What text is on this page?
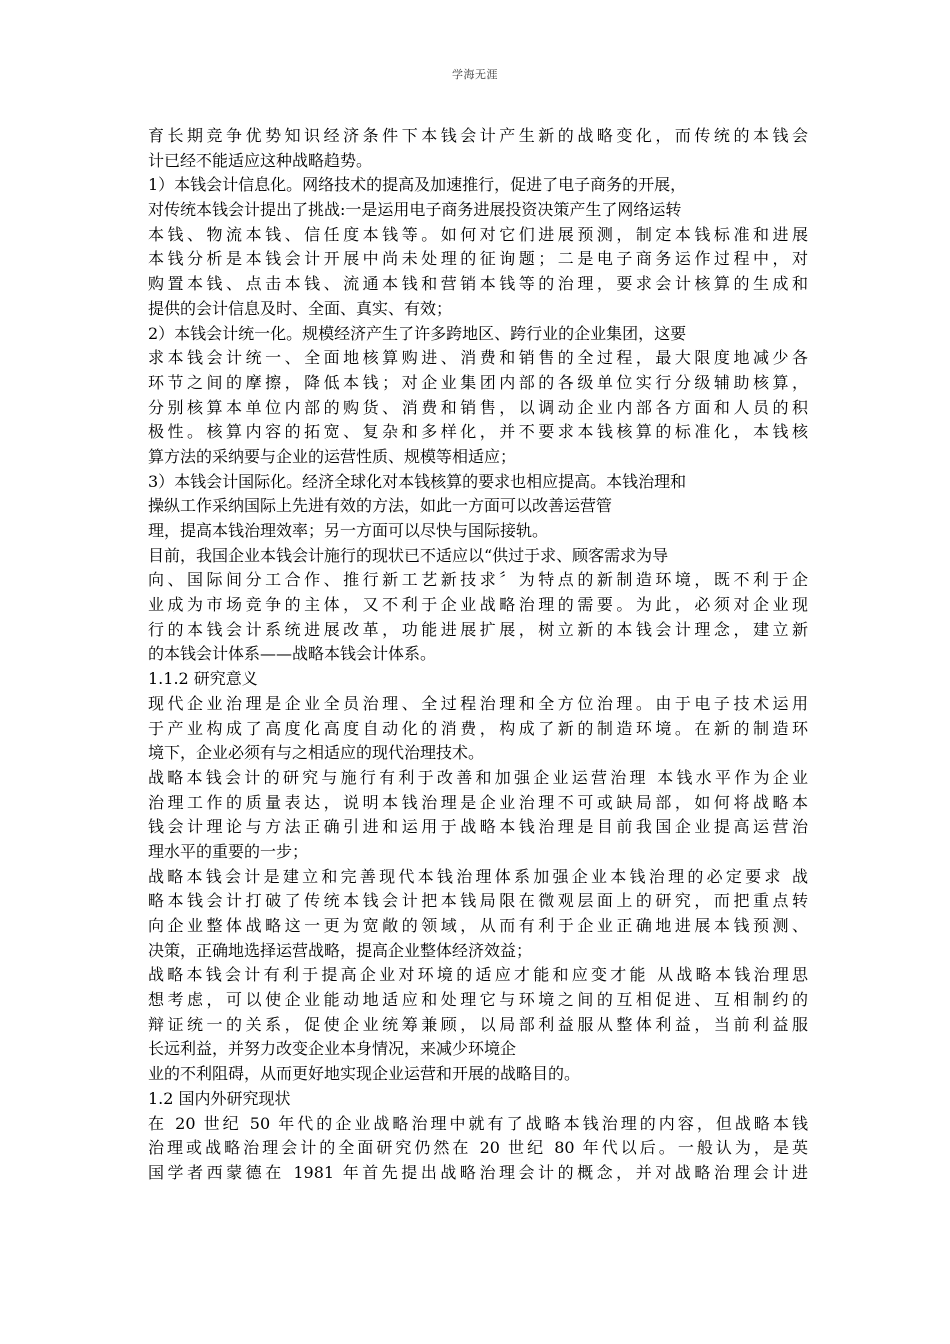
学海无涯
育长期竞争优势知识经济条件下本钱会计产生新的战略变化，而传统的本钱会
计已经不能适应这种战略趋势。
1）本钱会计信息化。网络技术的提高及加速推行，促进了电子商务的开展，
对传统本钱会计提出了挑战:一是运用电子商务进展投资决策产生了网络运转
本钱、物流本钱、信任度本钱等。如何对它们进展预测，制定本钱标准和进展
本钱分析是本钱会计开展中尚未处理的征询题；二是电子商务运作过程中，对
购置本钱、点击本钱、流通本钱和营销本钱等的治理，要求会计核算的生成和
提供的会计信息及时、全面、真实、有效；
2）本钱会计统一化。规模经济产生了许多跨地区、跨行业的企业集团，这要
求本钱会计统一、全面地核算购进、消费和销售的全过程，最大限度地减少各
环节之间的摩擦，降低本钱；对企业集团内部的各级单位实行分级辅助核算，
分别核算本单位内部的购货、消费和销售，以调动企业内部各方面和人员的积
极性。核算内容的拓宽、复杂和多样化，并不要求本钱核算的标准化，本钱核
算方法的采纳要与企业的运营性质、规模等相适应；
3）本钱会计国际化。经济全球化对本钱核算的要求也相应提高。本钱治理和
操纵工作采纳国际上先进有效的方法，如此一方面可以改善运营管
理，提高本钱治理效率；另一方面可以尽快与国际接轨。
目前，我国企业本钱会计施行的现状已不适应以“供过于求、顾客需求为导
向、国际间分工合作、推行新工艺新技求〞为特点的新制造环境，既不利于企
业成为市场竞争的主体，又不利于企业战略治理的需要。为此，必须对企业现
行的本钱会计系统进展改革，功能进展扩展，树立新的本钱会计理念，建立新
的本钱会计体系——战略本钱会计体系。
1.1.2 研究意义
现代企业治理是企业全员治理、全过程治理和全方位治理。由于电子技术运用
于产业构成了高度化高度自动化的消费，构成了新的制造环境。在新的制造环
境下，企业必须有与之相适应的现代治理技术。
战略本钱会计的研究与施行有利于改善和加强企业运营治理 本钱水平作为企业
治理工作的质量表达，说明本钱治理是企业治理不可或缺局部，如何将战略本
钱会计理论与方法正确引进和运用于战略本钱治理是目前我国企业提高运营治
理水平的重要的一步；
战略本钱会计是建立和完善现代本钱治理体系加强企业本钱治理的必定要求 战
略本钱会计打破了传统本钱会计把本钱局限在微观层面上的研究，而把重点转
向企业整体战略这一更为宽敞的领域，从而有利于企业正确地进展本钱预测、
决策，正确地选择运营战略，提高企业整体经济效益；
战略本钱会计有利于提高企业对环境的适应才能和应变才能 从战略本钱治理思
想考虑，可以使企业能动地适应和处理它与环境之间的互相促进、互相制约的
辩证统一的关系，促使企业统筹兼顾，以局部利益服从整体利益，当前利益服
长远利益，并努力改变企业本身情况，来减少环境企
业的不利阻碍，从而更好地实现企业运营和开展的战略目的。
1.2 国内外研究现状
在 20 世纪 50 年代的企业战略治理中就有了战略本钱治理的内容，但战略本钱
治理或战略治理会计的全面研究仍然在 20 世纪 80 年代以后。一般认为，是英
国学者西蒙德在 1981 年首先提出战略治理会计的概念，并对战略治理会计进
